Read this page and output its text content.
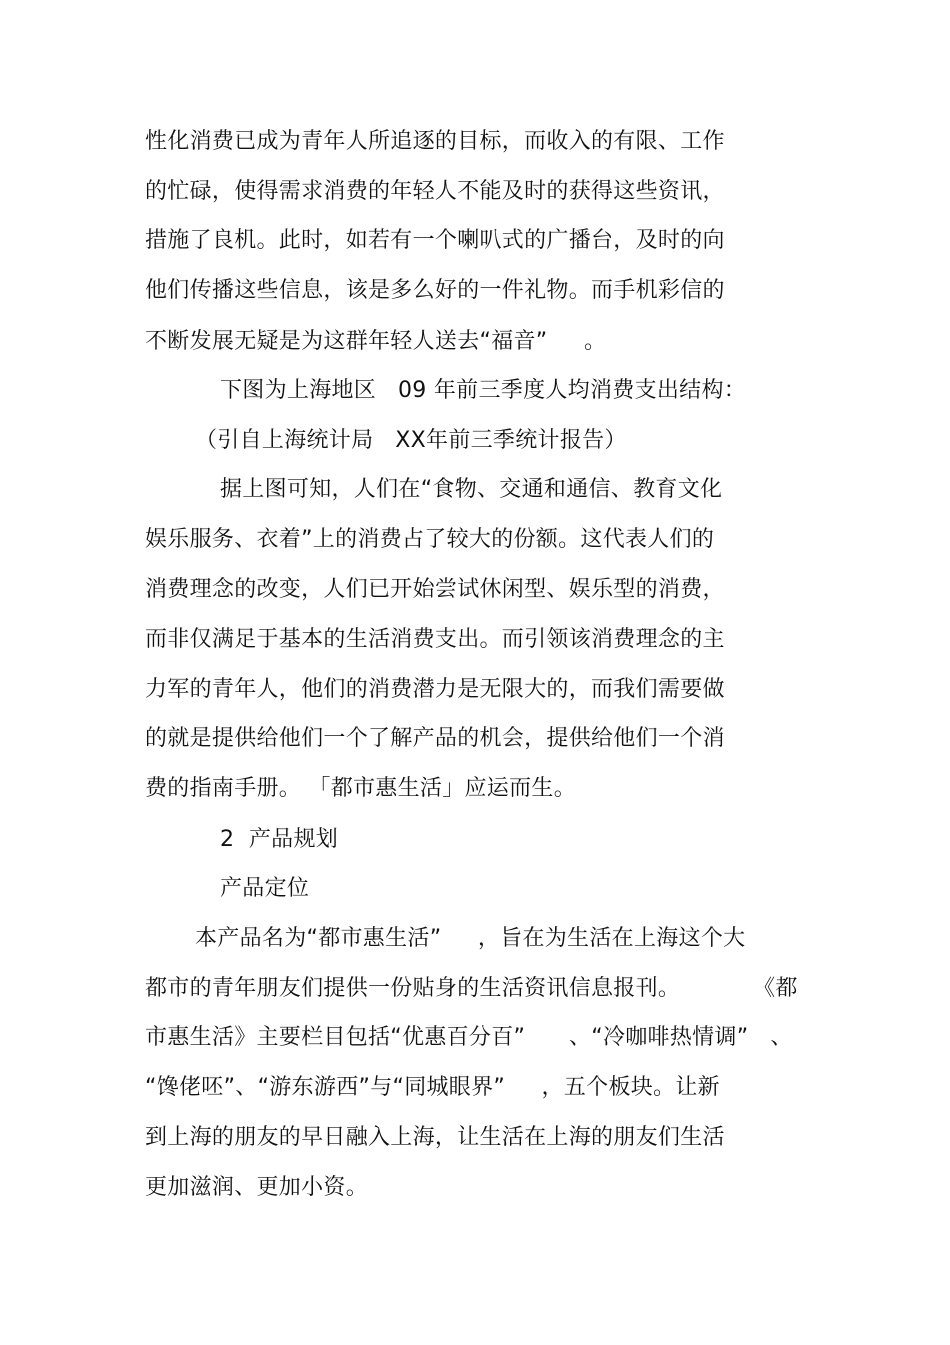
性化消费已成为青年人所追逐的目标，而收入的有限、工作
的忙碌，使得需求消费的年轻人不能及时的获得这些资讯，
措施了良机。此时，如若有一个喇叭式的广播台，及时的向
他们传播这些信息，该是多么好的一件礼物。而手机彩信的
不断发展无疑是为这群年轻人送去“福音”     。
下图为上海地区   09 年前三季度人均消费支出结构：
（引自上海统计局   XX年前三季统计报告）
据上图可知，人们在“食物、交通和通信、教育文化
娱乐服务、衣着”上的消费占了较大的份额。这代表人们的
消费理念的改变，人们已开始尝试休闲型、娱乐型的消费，
而非仅满足于基本的生活消费支出。而引领该消费理念的主
力军的青年人，他们的消费潜力是无限大的，而我们需要做
的就是提供给他们一个了解产品的机会，提供给他们一个消
费的指南手册。 「都市惠生活」应运而生。
2  产品规划
产品定位
本产品名为“都市惠生活”     ，旨在为生活在上海这个大
都市的青年朋友们提供一份贴身的生活资讯信息报刊。          《都
市惠生活》主要栏目包括“优惠百分百”      、“冷咖啡热情调”   、
“馋佬呸”、“游东游西”与“同城眼界”     ，五个板块。让新
到上海的朋友的早日融入上海，让生活在上海的朋友们生活
更加滋润、更加小资。
